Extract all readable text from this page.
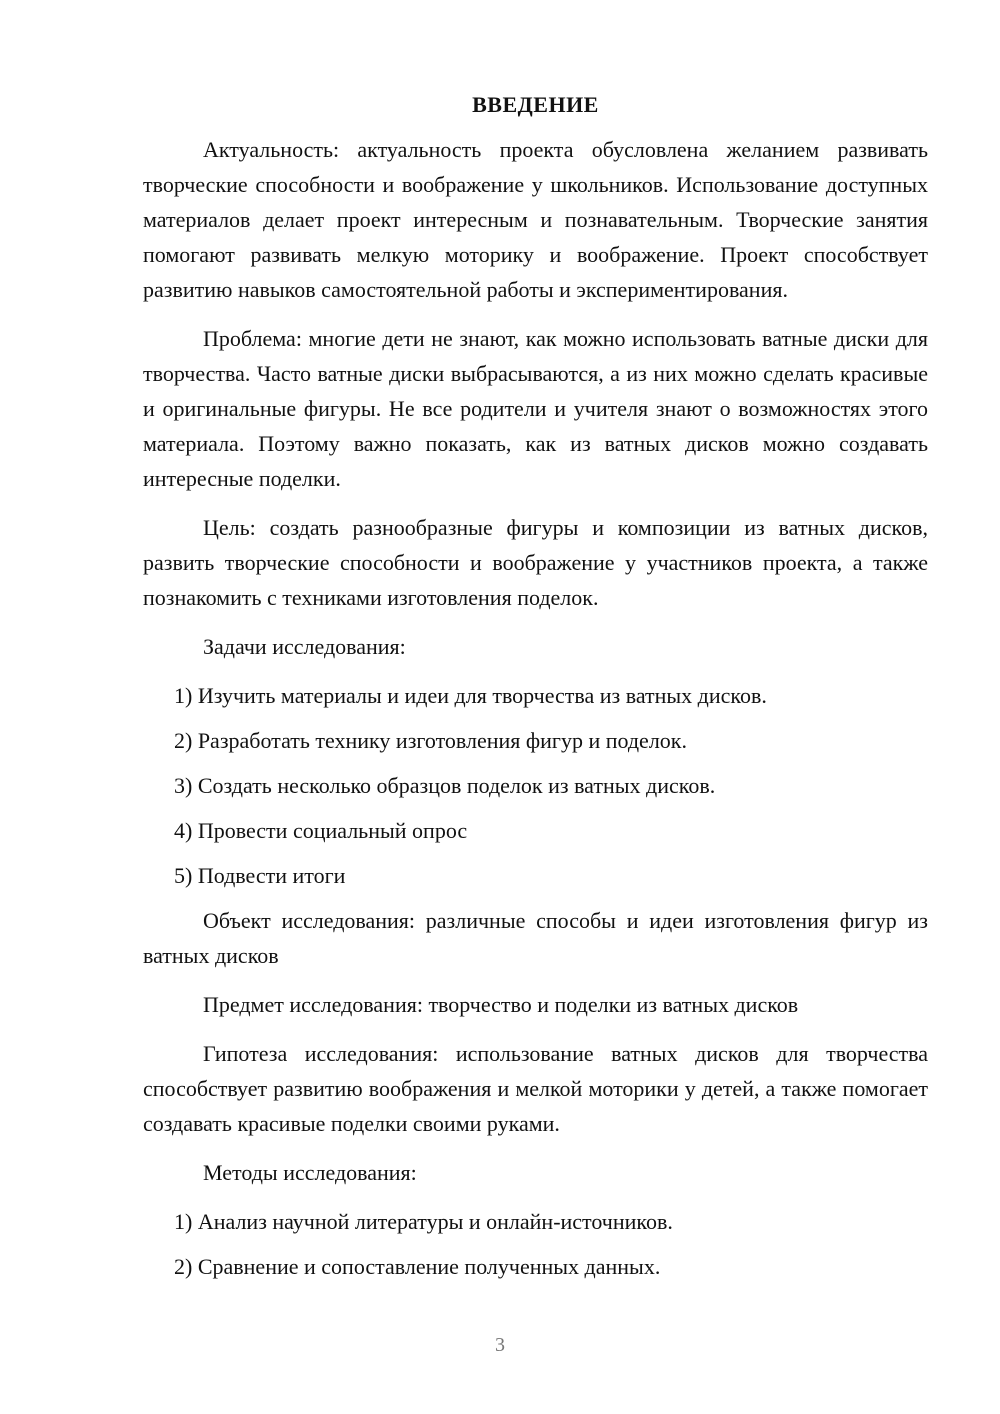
ВВЕДЕНИЕ

Актуальность: актуальность проекта обусловлена желанием развивать творческие способности и воображение у школьников. Использование доступных материалов делает проект интересным и познавательным. Творческие занятия помогают развивать мелкую моторику и воображение. Проект способствует развитию навыков самостоятельной работы и экспериментирования.

Проблема: многие дети не знают, как можно использовать ватные диски для творчества. Часто ватные диски выбрасываются, а из них можно сделать красивые и оригинальные фигуры. Не все родители и учителя знают о возможностях этого материала. Поэтому важно показать, как из ватных дисков можно создавать интересные поделки.

Цель: создать разнообразные фигуры и композиции из ватных дисков, развить творческие способности и воображение у участников проекта, а также познакомить с техниками изготовления поделок.

Задачи исследования:

1) Изучить материалы и идеи для творчества из ватных дисков.
2) Разработать технику изготовления фигур и поделок.
3) Создать несколько образцов поделок из ватных дисков.
4) Провести социальный опрос
5) Подвести итоги

Объект исследования: различные способы и идеи изготовления фигур из ватных дисков

Предмет исследования: творчество и поделки из ватных дисков

Гипотеза исследования: использование ватных дисков для творчества способствует развитию воображения и мелкой моторики у детей, а также помогает создавать красивые поделки своими руками.

Методы исследования:

1) Анализ научной литературы и онлайн-источников.
2) Сравнение и сопоставление полученных данных.
3
